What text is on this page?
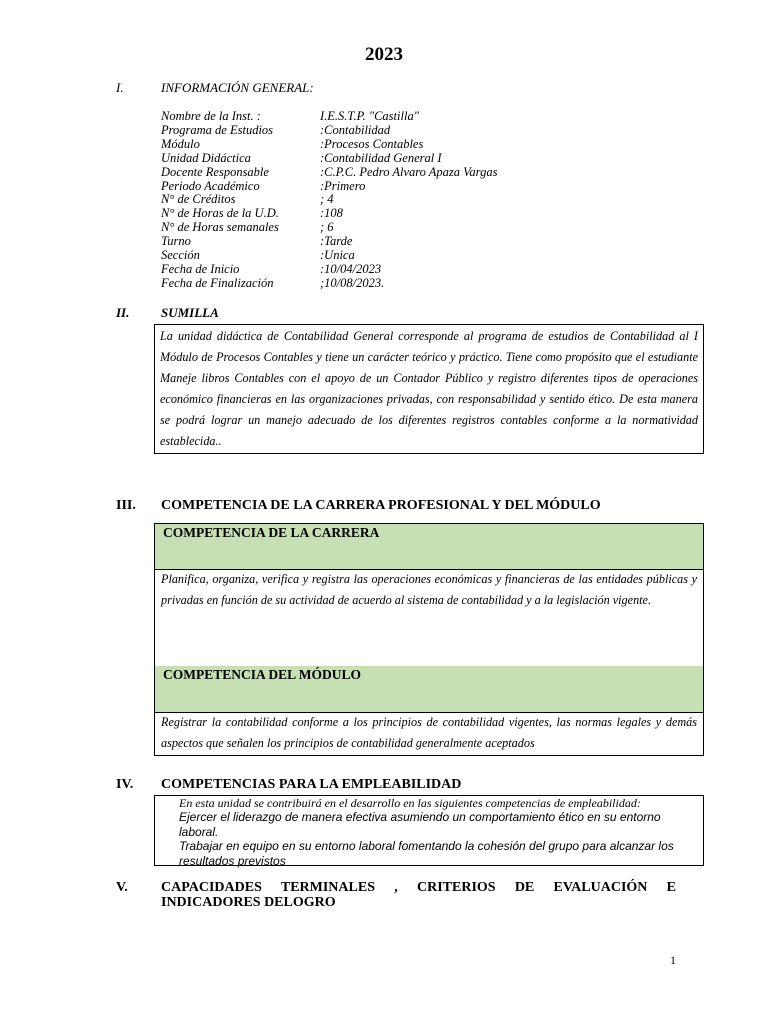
2023
I.	INFORMACIÓN GENERAL:
Nombre de la Inst. :	I.E.S.T.P. "Castilla"
Programa de Estudios	:Contabilidad
Módulo	:Procesos Contables
Unidad Didáctica	:Contabilidad General I
Docente Responsable	:C.P.C. Pedro Alvaro Apaza Vargas
Periodo Académico	:Primero
N° de Créditos	; 4
N° de Horas de la U.D.	:108
N° de Horas semanales	; 6
Turno	:Tarde
Sección	:Unica
Fecha de Inicio	:10/04/2023
Fecha de Finalización	;10/08/2023.
II. SUMILLA
La unidad didáctica de Contabilidad General corresponde al programa de estudios de Contabilidad al I Módulo de Procesos Contables y tiene un carácter teórico y práctico. Tiene como propósito que el estudiante Maneje libros Contables con el apoyo de un Contador Público y registro diferentes tipos de operaciones económico financieras en las organizaciones privadas, con responsabilidad y sentido ético. De esta manera se podrá lograr un manejo adecuado de los diferentes registros contables conforme a la normatividad establecida..
III. COMPETENCIA DE LA CARRERA PROFESIONAL Y DEL MÓDULO
COMPETENCIA DE LA CARRERA
Planifica, organiza, verifica y registra las operaciones económicas y financieras de las entidades públicas y privadas en función de su actividad de acuerdo al sistema de contabilidad y a la legislación vigente.
COMPETENCIA DEL MÓDULO
Registrar la contabilidad conforme a los principios de contabilidad vigentes, las normas legales y demás aspectos que señalen los principios de contabilidad generalmente aceptados
IV. COMPETENCIAS PARA LA EMPLEABILIDAD
En esta unidad se contribuirá en el desarrollo en las siguientes competencias de empleabilidad:
Ejercer el liderazgo de manera efectiva asumiendo un comportamiento ético en su entorno laboral.
Trabajar en equipo en su entorno laboral fomentando la cohesión del grupo para alcanzar los resultados previstos
V. CAPACIDADES TERMINALES , CRITERIOS DE EVALUACIÓN E INDICADORES DELOGRO
1
